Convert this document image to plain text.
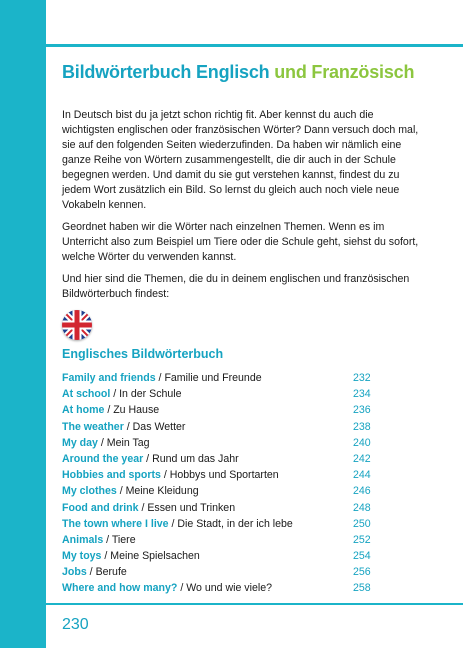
Bildwörterbuch Englisch und Französisch

In Deutsch bist du ja jetzt schon richtig fit. Aber kennst du auch die wichtigsten englischen oder französischen Wörter? Dann versuch doch mal, sie auf den folgenden Seiten wiederzufinden. Da haben wir nämlich eine ganze Reihe von Wörtern zusammengestellt, die dir auch in der Schule begegnen werden. Und damit du sie gut verstehen kannst, findest du zu jedem Wort zusätzlich ein Bild. So lernst du gleich auch noch viele neue Vokabeln kennen.

Geordnet haben wir die Wörter nach einzelnen Themen. Wenn es im Unterricht also zum Beispiel um Tiere oder die Schule geht, siehst du sofort, welche Wörter du verwenden kannst.

Und hier sind die Themen, die du in deinem englischen und französischen Bildwörterbuch findest:

Englisches Bildwörterbuch
Family and friends / Familie und Freunde	232
At school / In der Schule	234
At home / Zu Hause	236
The weather / Das Wetter	238
My day / Mein Tag	240
Around the year / Rund um das Jahr	242
Hobbies and sports / Hobbys und Sportarten	244
My clothes / Meine Kleidung	246
Food and drink / Essen und Trinken	248
The town where I live / Die Stadt, in der ich lebe	250
Animals / Tiere	252
My toys / Meine Spielsachen	254
Jobs / Berufe	256
Where and how many? / Wo und wie viele?	258
230
